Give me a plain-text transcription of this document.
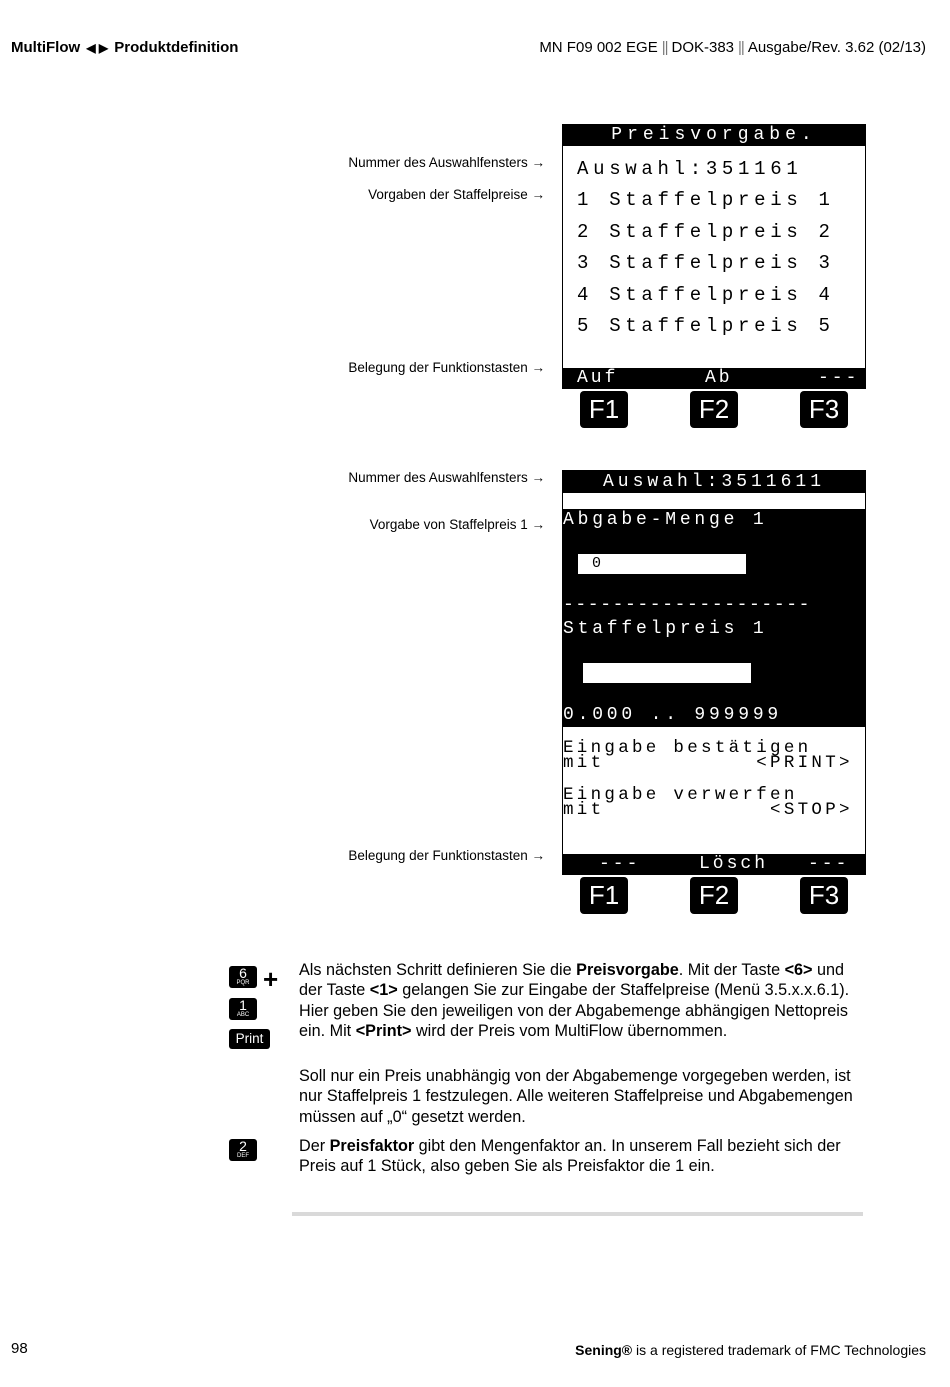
MultiFlow ◀ ▶ Produktdefinition	MN F09 002 EGE || DOK-383 || Ausgabe/Rev. 3.62 (02/13)
Nummer des Auswahlfensters →
Vorgaben der Staffelpreise →
Belegung der Funktionstasten →
Preisvorgabe.
Auswahl:351161
1 Staffelpreis 1
2 Staffelpreis 2
3 Staffelpreis 3
4 Staffelpreis 4
5 Staffelpreis 5
Auf	Ab	---
F1	F2	F3
Nummer des Auswahlfensters →
Vorgabe von Staffelpreis 1 →
Belegung der Funktionstasten →
Auswahl:3511611
Abgabe-Menge 1
0
--------------------
Staffelpreis 1
0.000 .. 999999
Eingabe bestätigen
mit           <PRINT>
Eingabe verwerfen
mit            <STOP>
---	Lösch ---
F1	F2	F3
6
PQR +
1
ABC
Print
2
DEF
Als nächsten Schritt definieren Sie die Preisvorgabe. Mit der Taste <6> und der Taste <1> gelangen Sie zur Eingabe der Staffelpreise (Menü 3.5.x.x.6.1). Hier geben Sie den jeweiligen von der Abgabemenge abhängigen Nettopreis ein. Mit <Print> wird der Preis vom MultiFlow übernommen.
Soll nur ein Preis unabhängig von der Abgabemenge vorgegeben werden, ist nur Staffelpreis 1 festzulegen. Alle weiteren Staffelpreise und Abgabemengen müssen auf „0“ gesetzt werden.
Der Preisfaktor gibt den Mengenfaktor an. In unserem Fall bezieht sich der Preis auf 1 Stück, also geben Sie als Preisfaktor die 1 ein.
98	Sening® is a registered trademark of FMC Technologies
